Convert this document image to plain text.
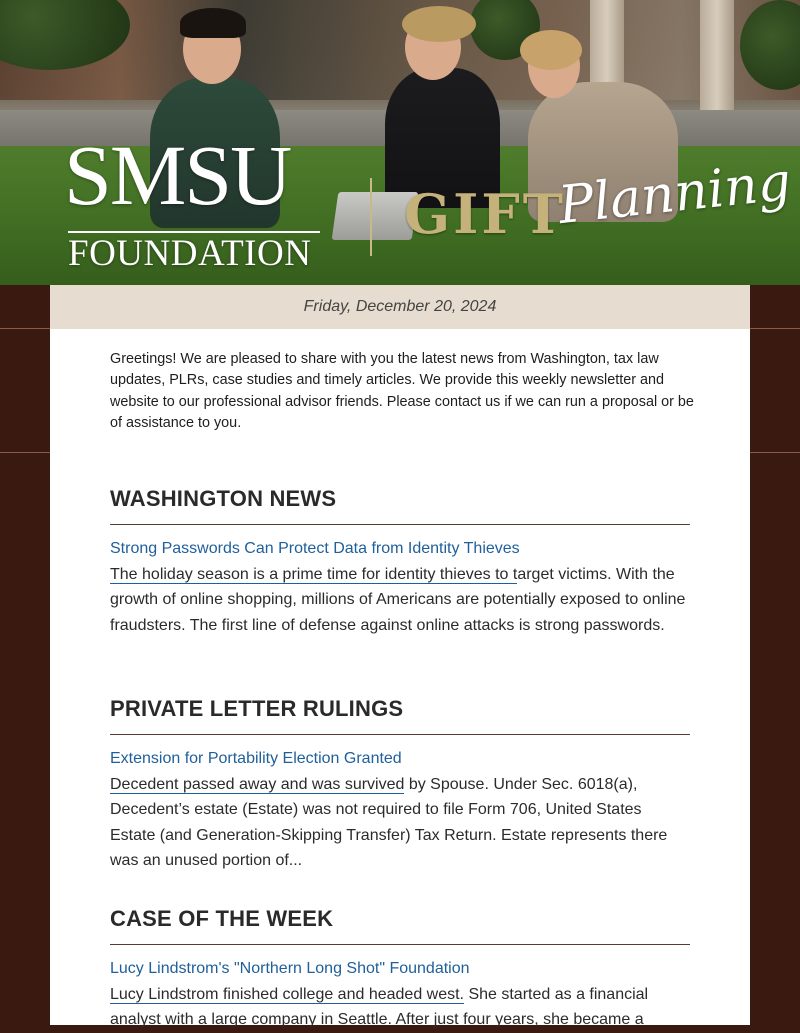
SMSU
FOUNDATION
GIFT
Planning
Friday, December 20, 2024

Greetings! We are pleased to share with you the latest news from Washington, tax law updates, PLRs, case studies and timely articles. We provide this weekly newsletter and website to our professional advisor friends. Please contact us if we can run a proposal or be of assistance to you.

WASHINGTON NEWS
Strong Passwords Can Protect Data from Identity Thieves

The holiday season is a prime time for identity thieves to target victims. With the growth of online shopping, millions of Americans are potentially exposed to online fraudsters. The first line of defense against online attacks is strong passwords.

PRIVATE LETTER RULINGS
Extension for Portability Election Granted

Decedent passed away and was survived by Spouse. Under Sec. 6018(a), Decedent’s estate (Estate) was not required to file Form 706, United States Estate (and Generation-Skipping Transfer) Tax Return. Estate represents there was an unused portion of...

CASE OF THE WEEK
Lucy Lindstrom's "Northern Long Shot" Foundation

Lucy Lindstrom finished college and headed west. She started as a financial analyst with a large company in Seattle. After just four years, she became a
